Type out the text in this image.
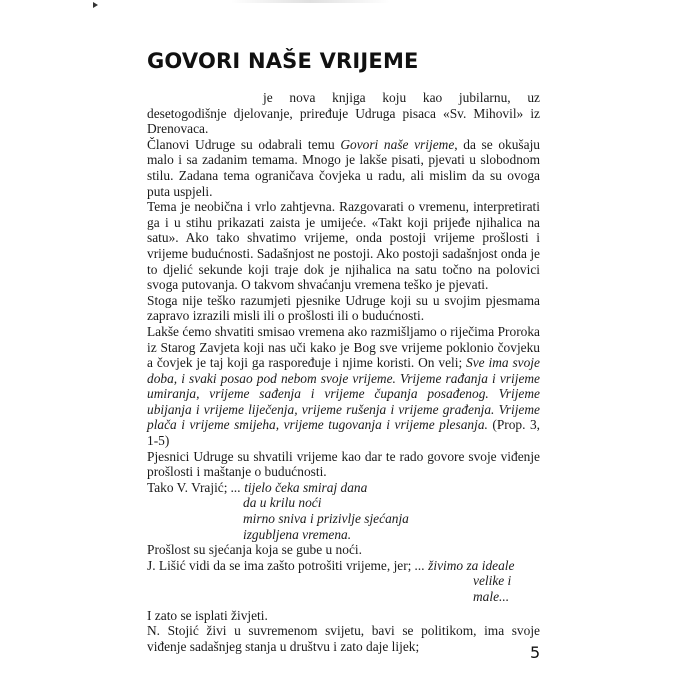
GOVORI NAŠE VRIJEME

je nova knjiga koju kao jubilarnu, uz desetogodišnje djelovanje, priređuje Udruga pisaca «Sv. Mihovil» iz Drenovaca.

Članovi Udruge su odabrali temu Govori naše vrijeme, da se okušaju malo i sa zadanim temama. Mnogo je lakše pisati, pjevati u slobodnom stilu. Zadana tema ograničava čovjeka u radu, ali mislim da su ovoga puta uspjeli.

Tema je neobična i vrlo zahtjevna. Razgovarati o vremenu, interpretirati ga i u stihu prikazati zaista je umijeće. «Takt koji prijeđe njihalica na satu». Ako tako shvatimo vrijeme, onda postoji vrijeme prošlosti i vrijeme budućnosti. Sadašnjost ne postoji. Ako postoji sadašnjost onda je to djelić sekunde koji traje dok je njihalica na satu točno na polovici svoga putovanja. O takvom shvaćanju vremena teško je pjevati.

Stoga nije teško razumjeti pjesnike Udruge koji su u svojim pjesmama zapravo izrazili misli ili o prošlosti ili o budućnosti.

Lakše ćemo shvatiti smisao vremena ako razmišljamo o riječima Proroka iz Starog Zavjeta koji nas uči kako je Bog sve vrijeme poklonio čovjeku a čovjek je taj koji ga raspoređuje i njime koristi. On veli; Sve ima svoje doba, i svaki posao pod nebom svoje vrijeme. Vrijeme rađanja i vrijeme umiranja, vrijeme sađenja i vrijeme čupanja posađenog. Vrijeme ubijanja i vrijeme liječenja, vrijeme rušenja i vrijeme građenja. Vrijeme plača i vrijeme smijeha, vrijeme tugovanja i vrijeme plesanja. (Prop. 3, 1-5)

Pjesnici Udruge su shvatili vrijeme kao dar te rado govore svoje viđenje prošlosti i maštanje o budućnosti.

Tako V. Vrajić; ... tijelo čeka smiraj dana
da u krilu noći
mirno sniva i prizivlje sjećanja
izgubljena vremena.

Prošlost su sjećanja koja se gube u noći.

J. Lišić vidi da se ima zašto potrošiti vrijeme, jer; ... živimo za ideale
velike i male...

I zato se isplati živjeti.

N. Stojić živi u suvremenom svijetu, bavi se politikom, ima svoje viđenje sadašnjeg stanja u društvu i zato daje lijek;	5
